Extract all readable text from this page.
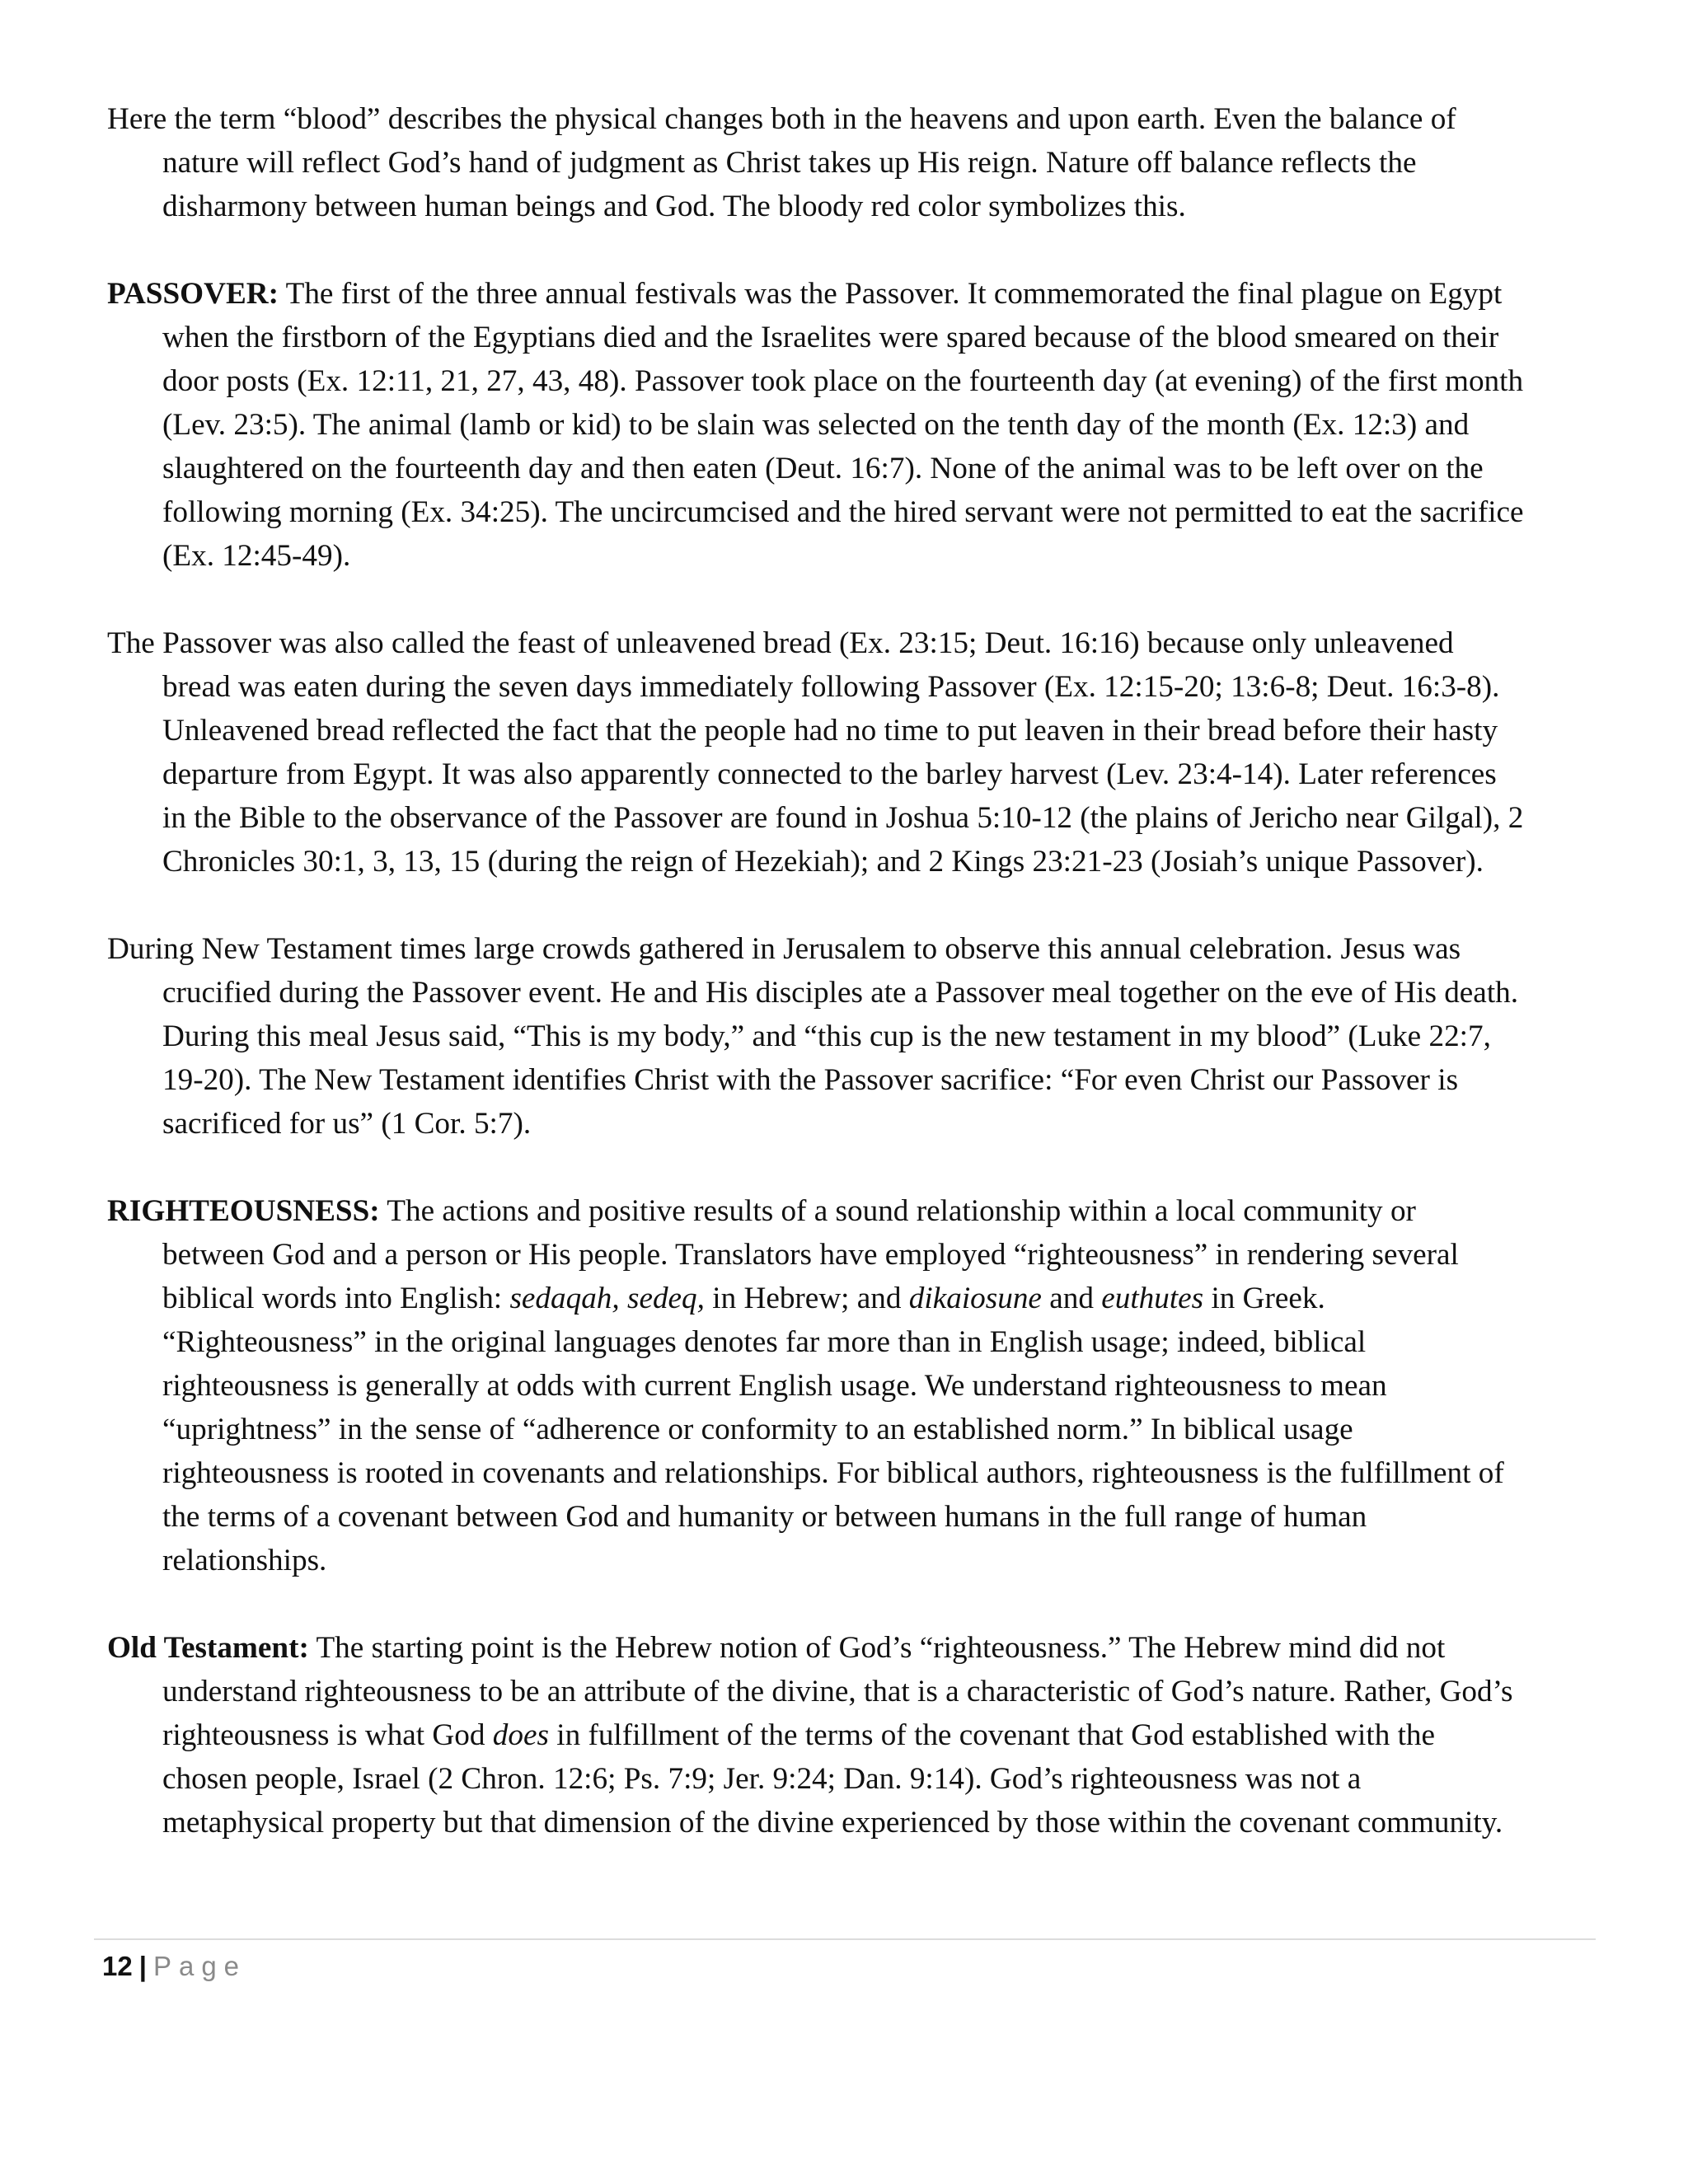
Here the term “blood” describes the physical changes both in the heavens and upon earth. Even the balance of nature will reflect God’s hand of judgment as Christ takes up His reign. Nature off balance reflects the disharmony between human beings and God. The bloody red color symbolizes this.

PASSOVER: The first of the three annual festivals was the Passover. It commemorated the final plague on Egypt when the firstborn of the Egyptians died and the Israelites were spared because of the blood smeared on their door posts (Ex. 12:11, 21, 27, 43, 48). Passover took place on the fourteenth day (at evening) of the first month (Lev. 23:5). The animal (lamb or kid) to be slain was selected on the tenth day of the month (Ex. 12:3) and slaughtered on the fourteenth day and then eaten (Deut. 16:7). None of the animal was to be left over on the following morning (Ex. 34:25). The uncircumcised and the hired servant were not permitted to eat the sacrifice (Ex. 12:45-49).

The Passover was also called the feast of unleavened bread (Ex. 23:15; Deut. 16:16) because only unleavened bread was eaten during the seven days immediately following Passover (Ex. 12:15-20; 13:6-8; Deut. 16:3-8). Unleavened bread reflected the fact that the people had no time to put leaven in their bread before their hasty departure from Egypt. It was also apparently connected to the barley harvest (Lev. 23:4-14). Later references in the Bible to the observance of the Passover are found in Joshua 5:10-12 (the plains of Jericho near Gilgal), 2 Chronicles 30:1, 3, 13, 15 (during the reign of Hezekiah); and 2 Kings 23:21-23 (Josiah’s unique Passover).

During New Testament times large crowds gathered in Jerusalem to observe this annual celebration. Jesus was crucified during the Passover event. He and His disciples ate a Passover meal together on the eve of His death. During this meal Jesus said, “This is my body,” and “this cup is the new testament in my blood” (Luke 22:7, 19-20). The New Testament identifies Christ with the Passover sacrifice: “For even Christ our Passover is sacrificed for us” (1 Cor. 5:7).

RIGHTEOUSNESS: The actions and positive results of a sound relationship within a local community or between God and a person or His people. Translators have employed “righteousness” in rendering several biblical words into English: sedaqah, sedeq, in Hebrew; and dikaiosune and euthutes in Greek. “Righteousness” in the original languages denotes far more than in English usage; indeed, biblical righteousness is generally at odds with current English usage. We understand righteousness to mean “uprightness” in the sense of “adherence or conformity to an established norm.” In biblical usage righteousness is rooted in covenants and relationships. For biblical authors, righteousness is the fulfillment of the terms of a covenant between God and humanity or between humans in the full range of human relationships.

Old Testament: The starting point is the Hebrew notion of God’s “righteousness.” The Hebrew mind did not understand righteousness to be an attribute of the divine, that is a characteristic of God’s nature. Rather, God’s righteousness is what God does in fulfillment of the terms of the covenant that God established with the chosen people, Israel (2 Chron. 12:6; Ps. 7:9; Jer. 9:24; Dan. 9:14). God’s righteousness was not a metaphysical property but that dimension of the divine experienced by those within the covenant community.

12 | Page
